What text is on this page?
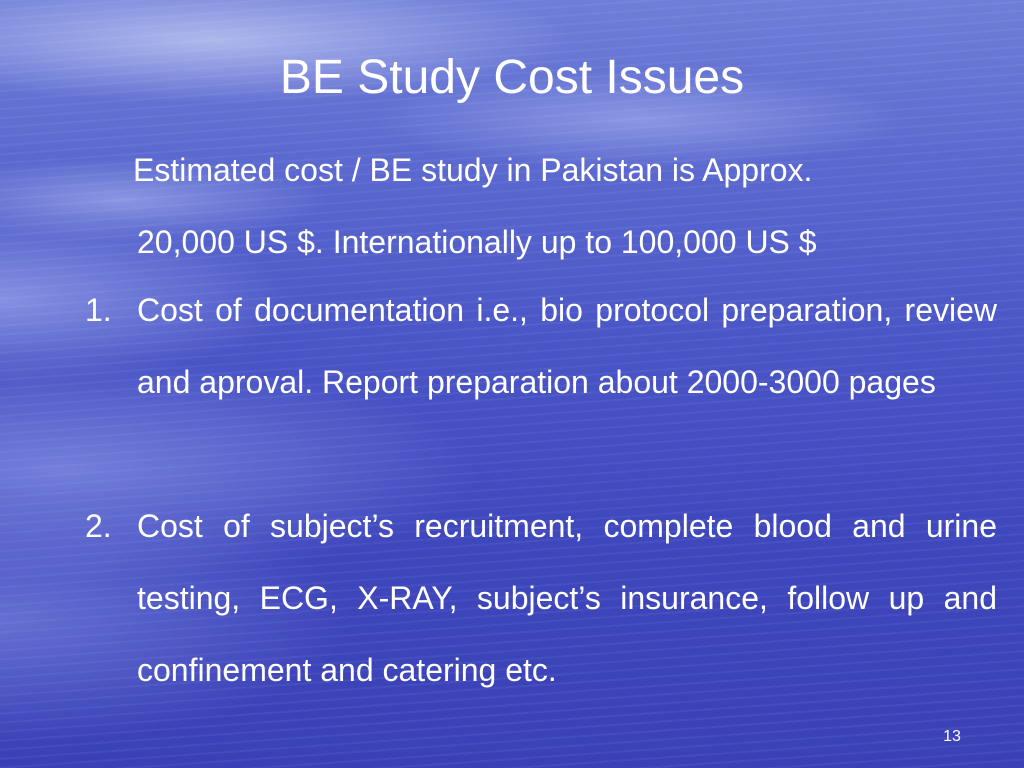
BE Study Cost Issues
Estimated cost / BE study in Pakistan is Approx.
20,000 US $. Internationally up to 100,000 US $
1. Cost of documentation i.e., bio protocol preparation, review and aproval. Report preparation about 2000-3000 pages
2. Cost of subject’s recruitment, complete blood and urine testing, ECG, X-RAY, subject’s insurance, follow up and confinement and catering etc.
13
